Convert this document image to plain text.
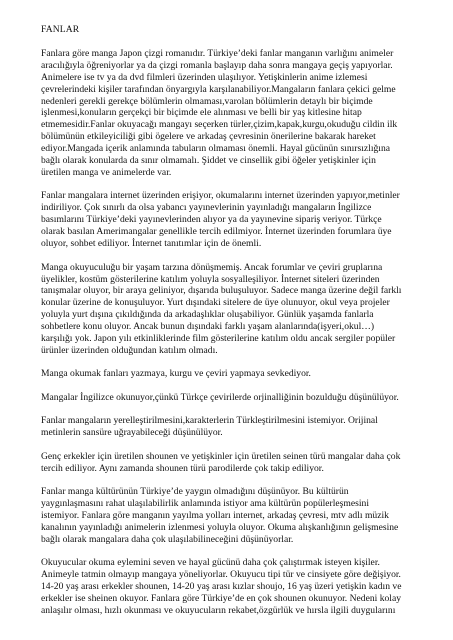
FANLAR

Fanlara göre manga Japon çizgi romanıdır. Türkiye’deki fanlar manganın varlığını animeler
aracılığıyla öğreniyorlar ya da çizgi romanla başlayıp daha sonra mangaya geçiş yapıyorlar.
Animelere ise tv ya da dvd filmleri üzerinden ulaşılıyor. Yetişkinlerin anime izlemesi
çevrelerindeki kişiler tarafından önyargıyla karşılanabiliyor.Mangaların fanlara çekici gelme
nedenleri gerekli gerekçe bölümlerin olmaması,varolan bölümlerin detaylı bir biçimde
işlenmesi,konuların gerçekçi bir biçimde ele alınması ve belli bir yaş kitlesine hitap
etmemesidir.Fanlar okuyacağı mangayı seçerken türler,çizim,kapak,kurgu,okuduğu cildin ilk
bölümünün etkileyiciliği gibi ögelere ve arkadaş çevresinin önerilerine bakarak hareket
ediyor.Mangada içerik anlamında tabuların olmaması önemli. Hayal gücünün sınırsızlığına
bağlı olarak konularda da sınır olmamalı. Şiddet ve cinsellik gibi öğeler yetişkinler için
üretilen manga ve animelerde var.

Fanlar mangalara internet üzerinden erişiyor, okumalarını internet üzerinden yapıyor,metinler
indiriliyor. Çok sınırlı da olsa yabancı yayınevlerinin yayınladığı mangaların İngilizce
basımlarını Türkiye’deki yayınevlerinden alıyor ya da yayınevine sipariş veriyor. Türkçe
olarak basılan Amerimangalar genellikle tercih edilmiyor. İnternet üzerinden forumlara üye
oluyor, sohbet ediliyor. İnternet tanıtımlar için de önemli.

Manga okuyuculuğu bir yaşam tarzına dönüşmemiş. Ancak forumlar ve çeviri gruplarına
üyelikler, kostüm gösterilerine katılım yoluyla sosyalleşiliyor. İnternet siteleri üzerinden
tanışmalar oluyor, bir araya geliniyor, dışarıda buluşuluyor. Sadece manga üzerine değil farklı
konular üzerine de konuşuluyor. Yurt dışındaki sitelere de üye olunuyor, okul veya projeler
yoluyla yurt dışına çıkıldığında da arkadaşlıklar oluşabiliyor. Günlük yaşamda fanlarla
sohbetlere konu oluyor. Ancak bunun dışındaki farklı yaşam alanlarında(işyeri,okul…)
karşılığı yok. Japon yılı etkinliklerinde film gösterilerine katılım oldu ancak sergiler popüler
ürünler üzerinden olduğundan katılım olmadı.

Manga okumak fanları yazmaya, kurgu ve çeviri yapmaya sevkediyor.

Mangalar İngilizce okunuyor,çünkü Türkçe çevirilerde orjinalliğinin bozulduğu düşünülüyor.

Fanlar mangaların yerelleştirilmesini,karakterlerin Türkleştirilmesini istemiyor. Orijinal
metinlerin sansüre uğrayabileceği düşünülüyor.

Genç erkekler için üretilen shounen ve yetişkinler için üretilen seinen türü mangalar daha çok
tercih ediliyor. Aynı zamanda shounen türü parodilerde çok takip ediliyor.

Fanlar manga kültürünün Türkiye’de yaygın olmadığını düşünüyor. Bu kültürün
yaygınlaşmasını rahat ulaşılabilirlik anlamında istiyor ama kültürün popülerleşmesini
istemiyor. Fanlara göre manganın yayılma yolları internet, arkadaş çevresi, mtv adlı müzik
kanalının yayınladığı animelerin izlenmesi yoluyla oluyor. Okuma alışkanlığının gelişmesine
bağlı olarak mangalara daha çok ulaşılabilineceğini düşünüyorlar.

Okuyucular okuma eylemini seven ve hayal gücünü daha çok çalıştırmak isteyen kişiler.
Animeyle tatmin olmayıp mangaya yöneliyorlar. Okuyucu tipi tür ve cinsiyete göre değişiyor.
14-20 yaş arası erkekler shounen, 14-20 yaş arası kızlar shoujo, 16 yaş üzeri yetişkin kadın ve
erkekler ise sheinen okuyor. Fanlara göre Türkiye’de en çok shounen okunuyor. Nedeni kolay
anlaşılır olması, hızlı okunması ve okuyucuların rekabet,özgürlük ve hırsla ilgili duygularını
